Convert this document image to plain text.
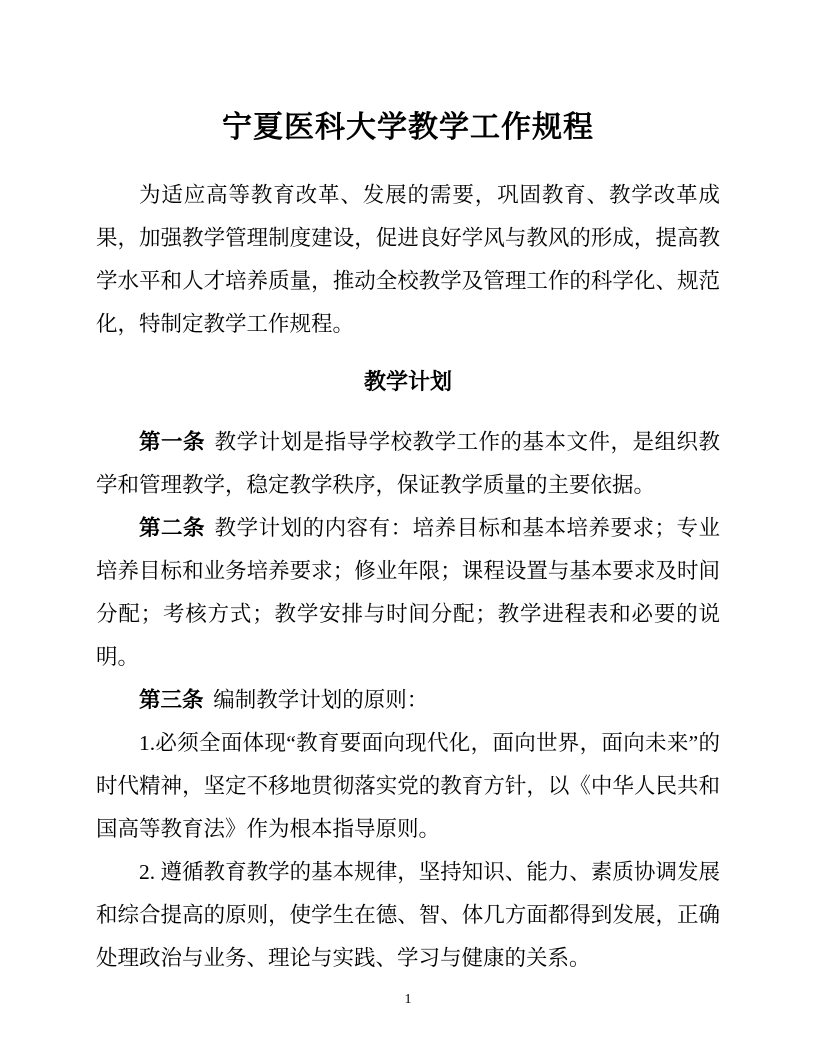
宁夏医科大学教学工作规程

为适应高等教育改革、发展的需要，巩固教育、教学改革成果，加强教学管理制度建设，促进良好学风与教风的形成，提高教学水平和人才培养质量，推动全校教学及管理工作的科学化、规范化，特制定教学工作规程。

教学计划

第一条 教学计划是指导学校教学工作的基本文件，是组织教学和管理教学，稳定教学秩序，保证教学质量的主要依据。

第二条 教学计划的内容有：培养目标和基本培养要求；专业培养目标和业务培养要求；修业年限；课程设置与基本要求及时间分配；考核方式；教学安排与时间分配；教学进程表和必要的说明。

第三条 编制教学计划的原则：

1.必须全面体现“教育要面向现代化，面向世界，面向未来”的时代精神，坚定不移地贯彻落实党的教育方针，以《中华人民共和国高等教育法》作为根本指导原则。

2. 遵循教育教学的基本规律，坚持知识、能力、素质协调发展和综合提高的原则，使学生在德、智、体几方面都得到发展，正确处理政治与业务、理论与实践、学习与健康的关系。

1
